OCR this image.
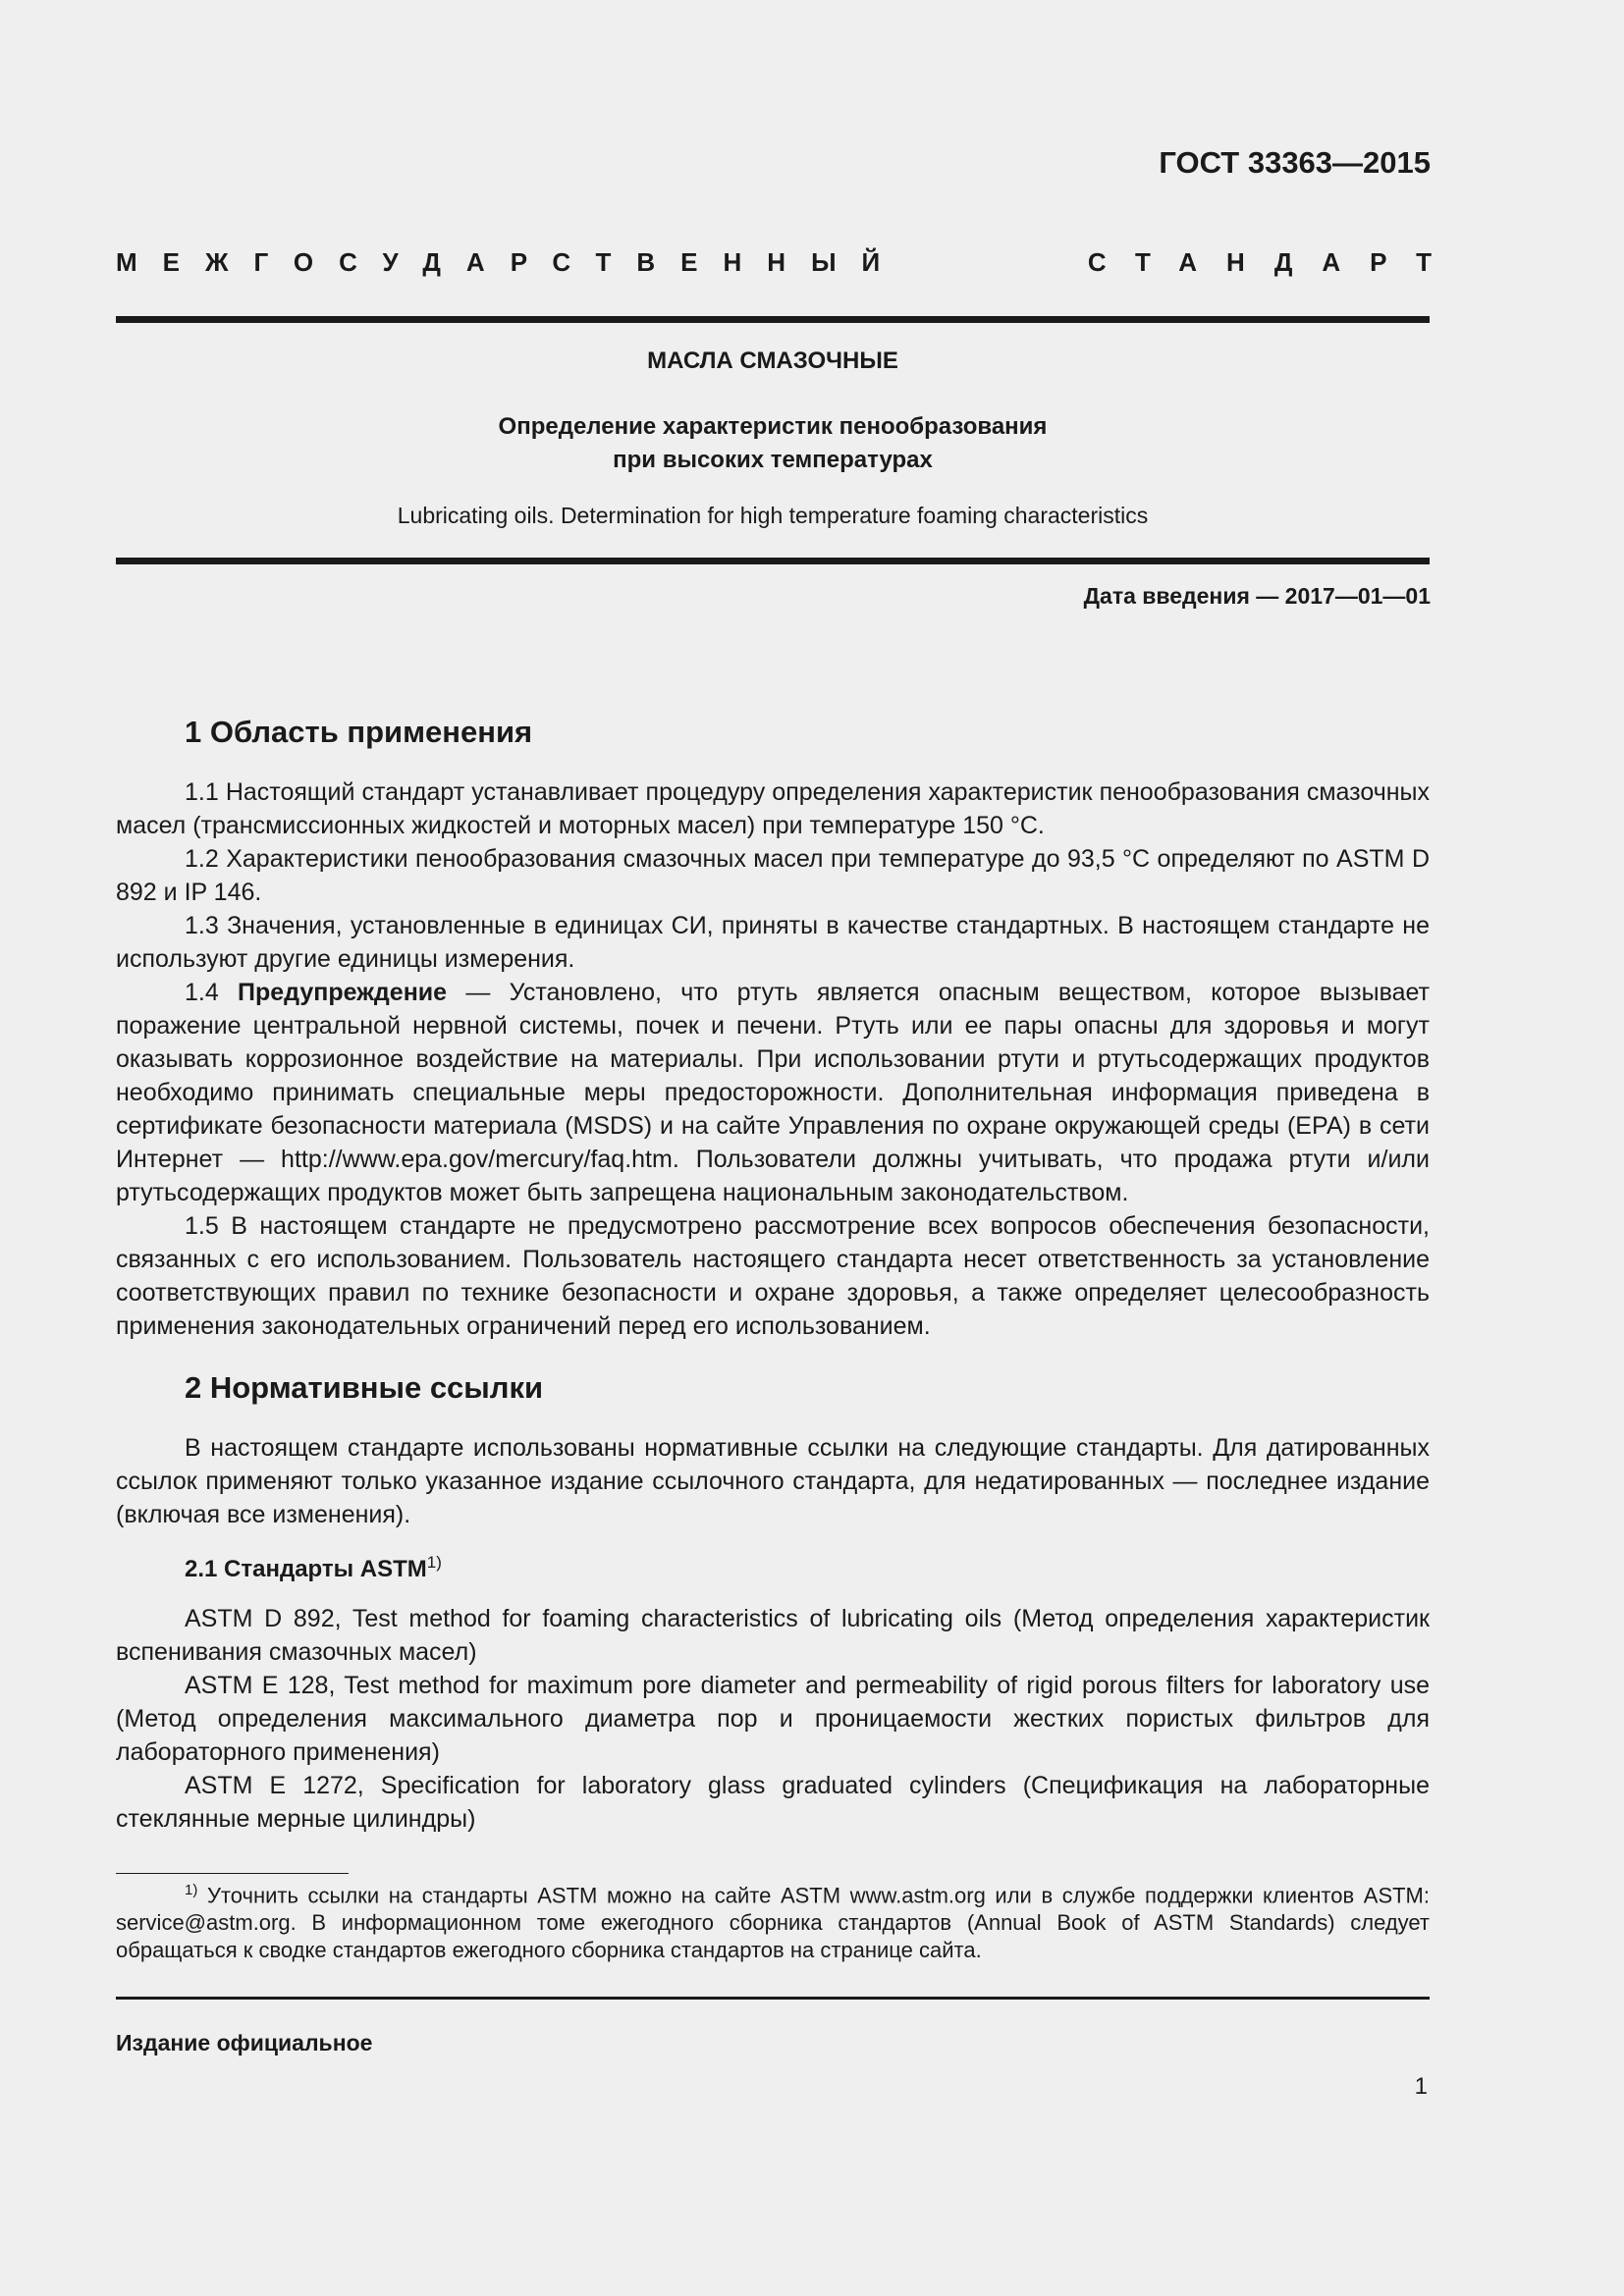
ГОСТ 33363—2015
МЕЖГОСУДАРСТВЕННЫЙ	СТАНДАРТ
МАСЛА СМАЗОЧНЫЕ
Определение характеристик пенообразования
при высоких температурах
Lubricating oils. Determination for high temperature foaming characteristics
Дата введения — 2017—01—01
1 Область применения

1.1 Настоящий стандарт устанавливает процедуру определения характеристик пенообразования смазочных масел (трансмиссионных жидкостей и моторных масел) при температуре 150 °С.

1.2 Характеристики пенообразования смазочных масел при температуре до 93,5 °С определяют по ASTM D 892 и IP 146.

1.3 Значения, установленные в единицах СИ, приняты в качестве стандартных. В настоящем стандарте не используют другие единицы измерения.

1.4 Предупреждение — Установлено, что ртуть является опасным веществом, которое вызывает поражение центральной нервной системы, почек и печени. Ртуть или ее пары опасны для здоровья и могут оказывать коррозионное воздействие на материалы. При использовании ртути и ртутьсодержащих продуктов необходимо принимать специальные меры предосторожности. Дополнительная информация приведена в сертификате безопасности материала (MSDS) и на сайте Управления по охране окружающей среды (ЕРА) в сети Интернет — http://www.epa.gov/mercury/faq.htm. Пользователи должны учитывать, что продажа ртути и/или ртутьсодержащих продуктов может быть запрещена национальным законодательством.

1.5 В настоящем стандарте не предусмотрено рассмотрение всех вопросов обеспечения безопасности, связанных с его использованием. Пользователь настоящего стандарта несет ответственность за установление соответствующих правил по технике безопасности и охране здоровья, а также определяет целесообразность применения законодательных ограничений перед его использованием.

2 Нормативные ссылки

В настоящем стандарте использованы нормативные ссылки на следующие стандарты. Для датированных ссылок применяют только указанное издание ссылочного стандарта, для недатированных — последнее издание (включая все изменения).

2.1 Стандарты ASTM$^{1)}$

ASTM D 892, Test method for foaming characteristics of lubricating oils (Метод определения характеристик вспенивания смазочных масел)

ASTM E 128, Test method for maximum pore diameter and permeability of rigid porous filters for laboratory use (Метод определения максимального диаметра пор и проницаемости жестких пористых фильтров для лабораторного применения)

ASTM E 1272, Specification for laboratory glass graduated cylinders (Спецификация на лабораторные стеклянные мерные цилиндры)

$^{1)}$ Уточнить ссылки на стандарты ASTM можно на сайте ASTM www.astm.org или в службе поддержки клиентов ASTM: service@astm.org. В информационном томе ежегодного сборника стандартов (Annual Book of ASTM Standards) следует обращаться к сводке стандартов ежегодного сборника стандартов на странице сайта.

Издание официальное
1
